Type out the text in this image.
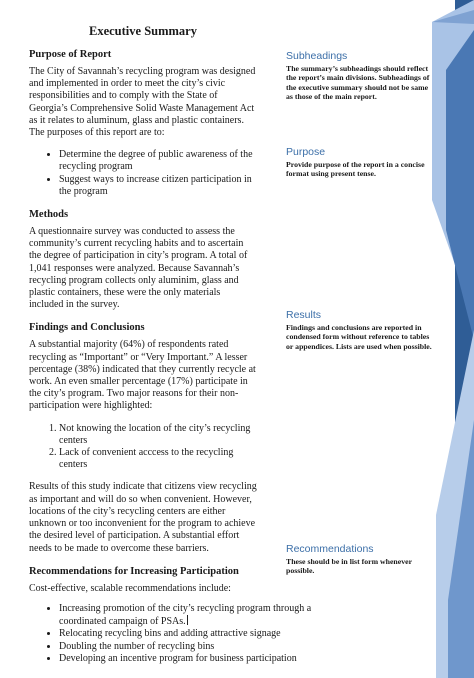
Executive Summary
Purpose of Report

The City of Savannah’s recycling program was designed and implemented in order to meet the city’s civic responsibilities and to comply with the State of Georgia’s Comprehensive Solid Waste Management Act as it relates to aluminum, glass and plastic containers. The purposes of this report are to:

• Determine the degree of public awareness of the recycling program
• Suggest ways to increase citizen participation in the program
Methods

A questionnaire survey was conducted to assess the community’s current recycling habits and to ascertain the degree of participation in city’s program. A total of 1,041 responses were analyzed. Because Savannah’s recycling program collects only aluminim, glass and plastic containers, these were the only materials included in the survey.

Findings and Conclusions

A substantial majority (64%) of respondents rated recycling as “Important” or “Very Important.” A lesser percentage (38%) indicated that they currently recycle at work. An even smaller percentage (17%) participate in the city’s program. Two major reasons for their non-participation were highlighted:

1. Not knowing the location of the city’s recycling centers
2. Lack of convenient acccess to the recycling centers

Results of this study indicate that citizens view recycling as important and will do so when convenient. However, locations of the city’s recycling centers are either unknown or too inconvenient for the program to achieve the desired level of participation. A substantial effort needs to be made to overcome these barriers.

Recommendations for Increasing Participation

Cost-effective, scalable recommendations include:

• Increasing promotion of the city’s recycling program through a coordinated campaign of PSAs.
• Relocating recycling bins and adding attractive signage
• Doubling the number of recycling bins
• Developing an incentive program for business participation
Subheadings

The summary’s subheadings should reflect the report’s main divisions. Subheadings of the executive summary should not be same as those of the main report.

Purpose

Provide purpose of the report in a concise format using present tense.

Results

Findings and conclusions are reported in condensed form without reference to tables or appendices. Lists are used when possible.

Recommendations

These should be in list form whenever possible.
